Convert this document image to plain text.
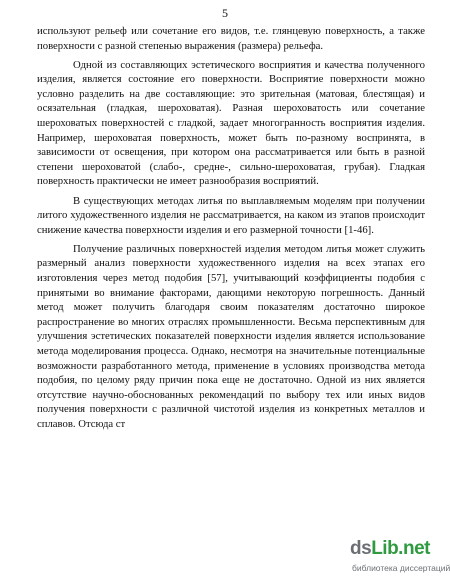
5

используют рельеф или сочетание его видов, т.е. глянцевую поверхность, а также поверхности с разной степенью выражения (размера) рельефа.

Одной из составляющих эстетического восприятия и качества полученного изделия, является состояние его поверхности. Восприятие поверхности можно условно разделить на две составляющие: это зрительная (матовая, блестящая) и осязательная (гладкая, шероховатая). Разная шероховатость или сочетание шероховатых поверхностей с гладкой, задает многогранность восприятия изделия. Например, шероховатая поверхность, может быть по-разному воспринята, в зависимости от освещения, при котором она рассматривается или быть в разной степени шероховатой (слабо-, средне-, сильно-шероховатая, грубая). Гладкая поверхность практически не имеет разнообразия восприятий.

В существующих методах литья по выплавляемым моделям при получении литого художественного изделия не рассматривается, на каком из этапов происходит снижение качества поверхности изделия и его размерной точности [1-46].

Получение различных поверхностей изделия методом литья может служить размерный анализ поверхности художественного изделия на всех этапах его изготовления через метод подобия [57], учитывающий коэффициенты подобия с принятыми во внимание факторами, дающими некоторую погрешность. Данный метод может получить благодаря своим показателям достаточно широкое распространение во многих отраслях промышленности. Весьма перспективным для улучшения эстетических показателей поверхности изделия является использование метода моделирования процесса. Однако, несмотря на значительные потенциальные возможности разработанного метода, применение в условиях производства метода подобия, по целому ряду причин пока еще не достаточно. Одной из них является отсутствие научно-обоснованных рекомендаций по выбору тех или иных видов получения поверхности с различной чистотой изделия из конкретных металлов и сплавов. Отсюда ст

dsLib.net
библиотека диссертаций
